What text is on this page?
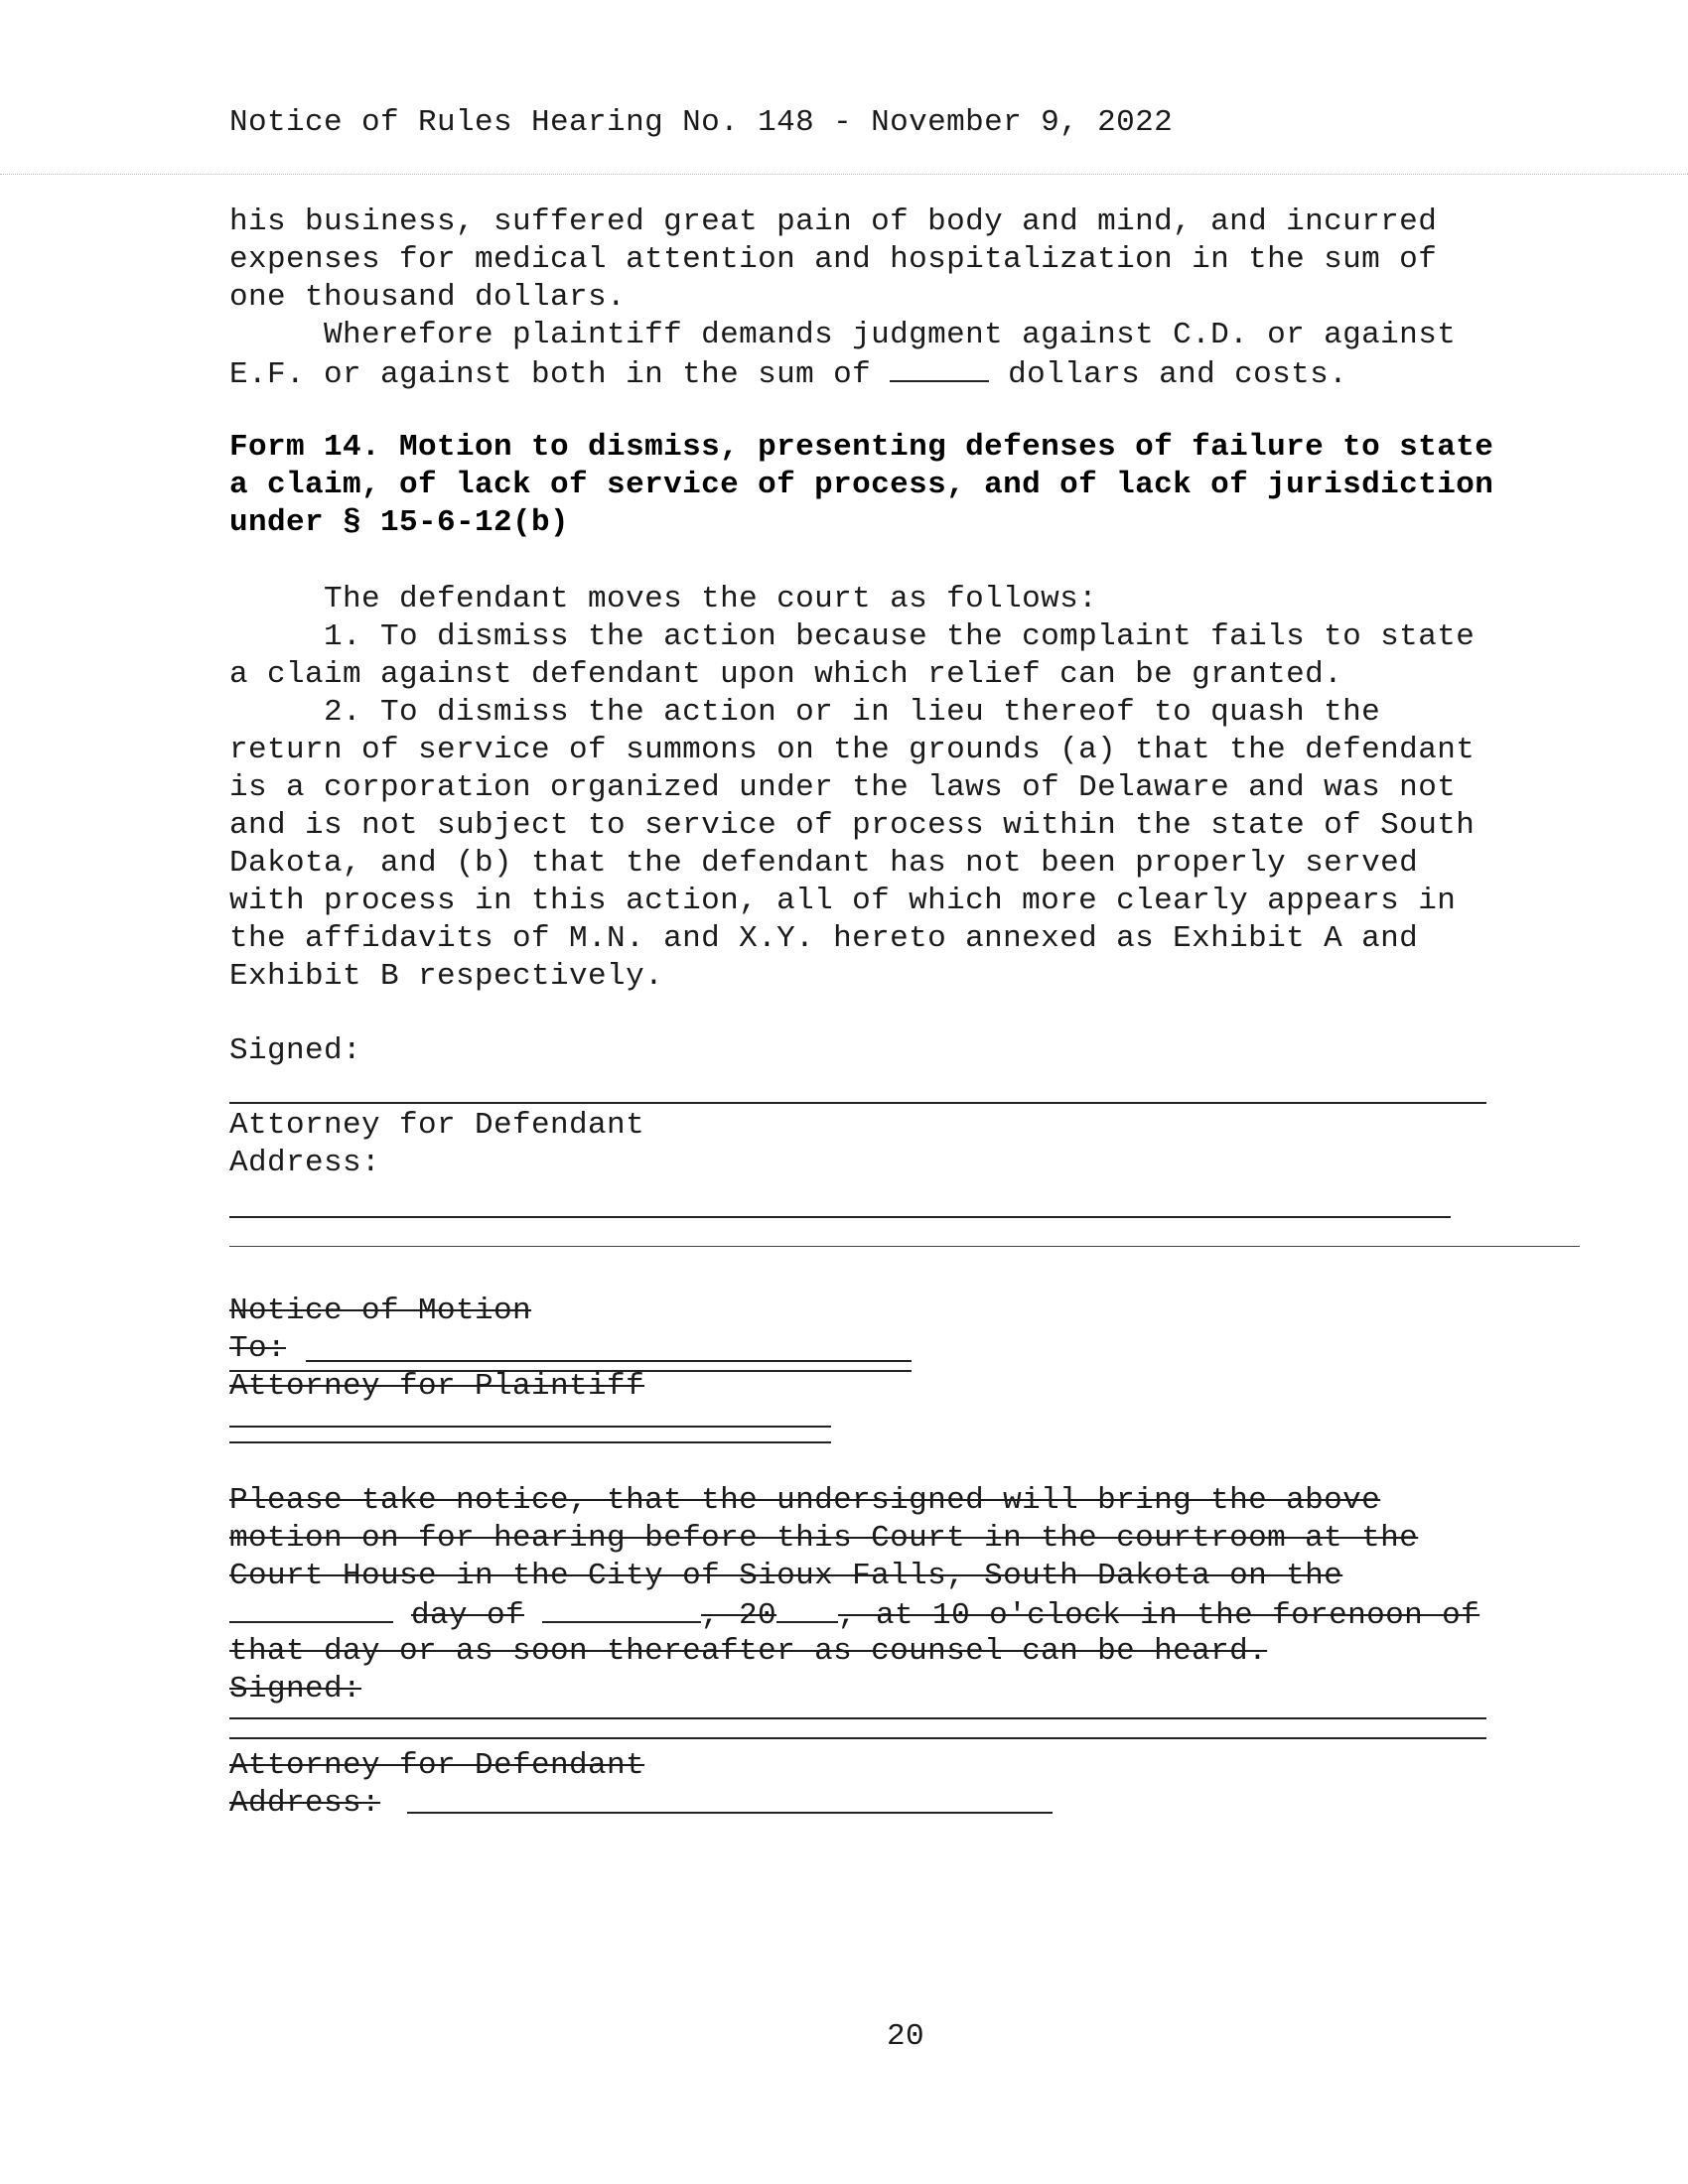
Notice of Rules Hearing No. 148 - November 9, 2022
his business, suffered great pain of body and mind, and incurred
expenses for medical attention and hospitalization in the sum of
one thousand dollars.
Wherefore plaintiff demands judgment against C.D. or against
E.F. or against both in the sum of	dollars and costs.
Form 14. Motion to dismiss, presenting defenses of failure to state
a claim, of lack of service of process, and of lack of jurisdiction
under § 15-6-12(b)
The defendant moves the court as follows:
1. To dismiss the action because the complaint fails to state
a claim against defendant upon which relief can be granted.
2. To dismiss the action or in lieu thereof to quash the
return of service of summons on the grounds (a) that the defendant
is a corporation organized under the laws of Delaware and was not
and is not subject to service of process within the state of South
Dakota, and (b) that the defendant has not been properly served
with process in this action, all of which more clearly appears in
the affidavits of M.N. and X.Y. hereto annexed as Exhibit A and
Exhibit B respectively.
Signed:
Attorney for Defendant
Address:
Notice of Motion
To:
Attorney for Plaintiff
Please take notice, that the undersigned will bring the above
motion on for hearing before this Court in the courtroom at the
Court House in the City of Sioux Falls, South Dakota on the
day of	, 20 , at 10 o'clock in the forenoon of
that day or as soon thereafter as counsel can be heard.
Signed:
Attorney for Defendant
Address:
20
